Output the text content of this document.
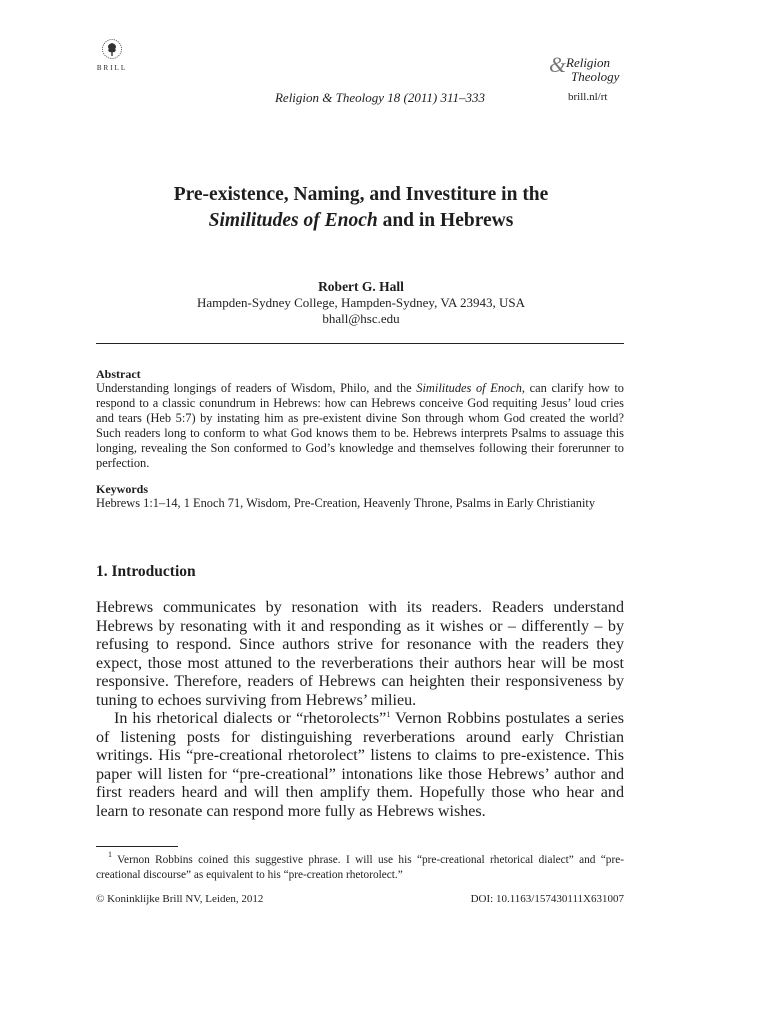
BRILL
Religion & Theology 18 (2011) 311–333
& Religion
Theology
brill.nl/rt
Pre-existence, Naming, and Investiture in the
Similitudes of Enoch and in Hebrews
Robert G. Hall
Hampden-Sydney College, Hampden-Sydney, VA 23943, USA
bhall@hsc.edu
Abstract
Understanding longings of readers of Wisdom, Philo, and the Similitudes of Enoch, can clarify how to respond to a classic conundrum in Hebrews: how can Hebrews conceive God requiting Jesus’ loud cries and tears (Heb 5:7) by instating him as pre-existent divine Son through whom God created the world? Such readers long to conform to what God knows them to be. Hebrews interprets Psalms to assuage this longing, revealing the Son conformed to God’s knowledge and themselves following their forerunner to perfection.
Keywords
Hebrews 1:1–14, 1 Enoch 71, Wisdom, Pre-Creation, Heavenly Throne, Psalms in Early Christianity
1. Introduction

Hebrews communicates by resonation with its readers. Readers understand Hebrews by resonating with it and responding as it wishes or – differently – by refusing to respond. Since authors strive for resonance with the readers they expect, those most attuned to the reverberations their authors hear will be most responsive. Therefore, readers of Hebrews can heighten their responsiveness by tuning to echoes surviving from Hebrews’ milieu.

In his rhetorical dialects or “rhetorolects”$^1$ Vernon Robbins postulates a series of listening posts for distinguishing reverberations around early Christian writings. His “pre-creational rhetorolect” listens to claims to pre-existence. This paper will listen for “pre-creational” intonations like those Hebrews’ author and first readers heard and will then amplify them. Hopefully those who hear and learn to resonate can respond more fully as Hebrews wishes.

$^1$ Vernon Robbins coined this suggestive phrase. I will use his “pre-creational rhetorical dialect” and “pre-creational discourse” as equivalent to his “pre-creation rhetorolect.”
© Koninklijke Brill NV, Leiden, 2012	DOI: 10.1163/157430111X631007
